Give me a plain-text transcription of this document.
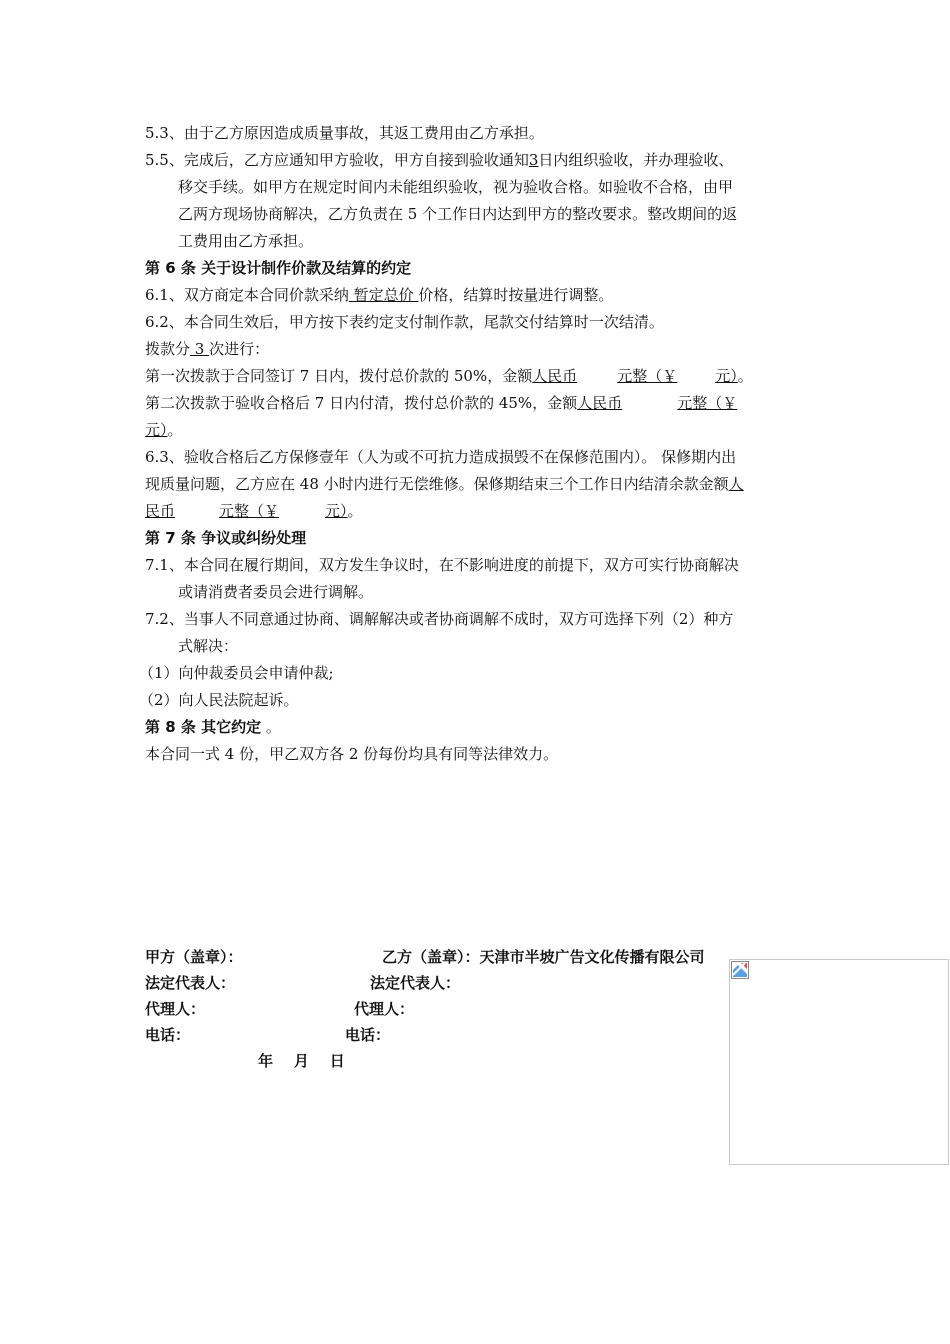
5.3、由于乙方原因造成质量事故，其返工费用由乙方承担。
5.5、完成后，乙方应通知甲方验收，甲方自接到验收通知3日内组织验收，并办理验收、
移交手续。如甲方在规定时间内未能组织验收，视为验收合格。如验收不合格，由甲
乙两方现场协商解决，乙方负责在 5 个工作日内达到甲方的整改要求。整改期间的返
工费用由乙方承担。
第 6 条 关于设计制作价款及结算的约定
6.1、双方商定本合同价款采纳 暂定总价 价格，结算时按量进行调整。
6.2、本合同生效后，甲方按下表约定支付制作款，尾款交付结算时一次结清。
拨款分 3 次进行：
第一次拨款于合同签订 7 日内，拨付总价款的 50%，金额人民币	元整（￥	元）。
第二次拨款于验收合格后 7 日内付清，拨付总价款的 45%，金额人民币	元整（￥
元）。
6.3、验收合格后乙方保修壹年（人为或不可抗力造成损毁不在保修范围内）。 保修期内出
现质量问题，乙方应在 48 小时内进行无偿维修。保修期结束三个工作日内结清余款金额人
民币	元整（￥	元）。
第 7 条 争议或纠纷处理
7.1、本合同在履行期间，双方发生争议时，在不影响进度的前提下，双方可实行协商解决
或请消费者委员会进行调解。
7.2、当事人不同意通过协商、调解解决或者协商调解不成时，双方可选择下列（2）种方
式解决：
（1）向仲裁委员会申请仲裁;
（2）向人民法院起诉。
第 8 条 其它约定 。
本合同一式 4 份，甲乙双方各 2 份每份均具有同等法律效力。
甲方（盖章）：	乙方（盖章）：天津市半坡广告文化传播有限公司
法定代表人：	法定代表人：
代理人：	代理人：
电话：	电话：
年    月    日
